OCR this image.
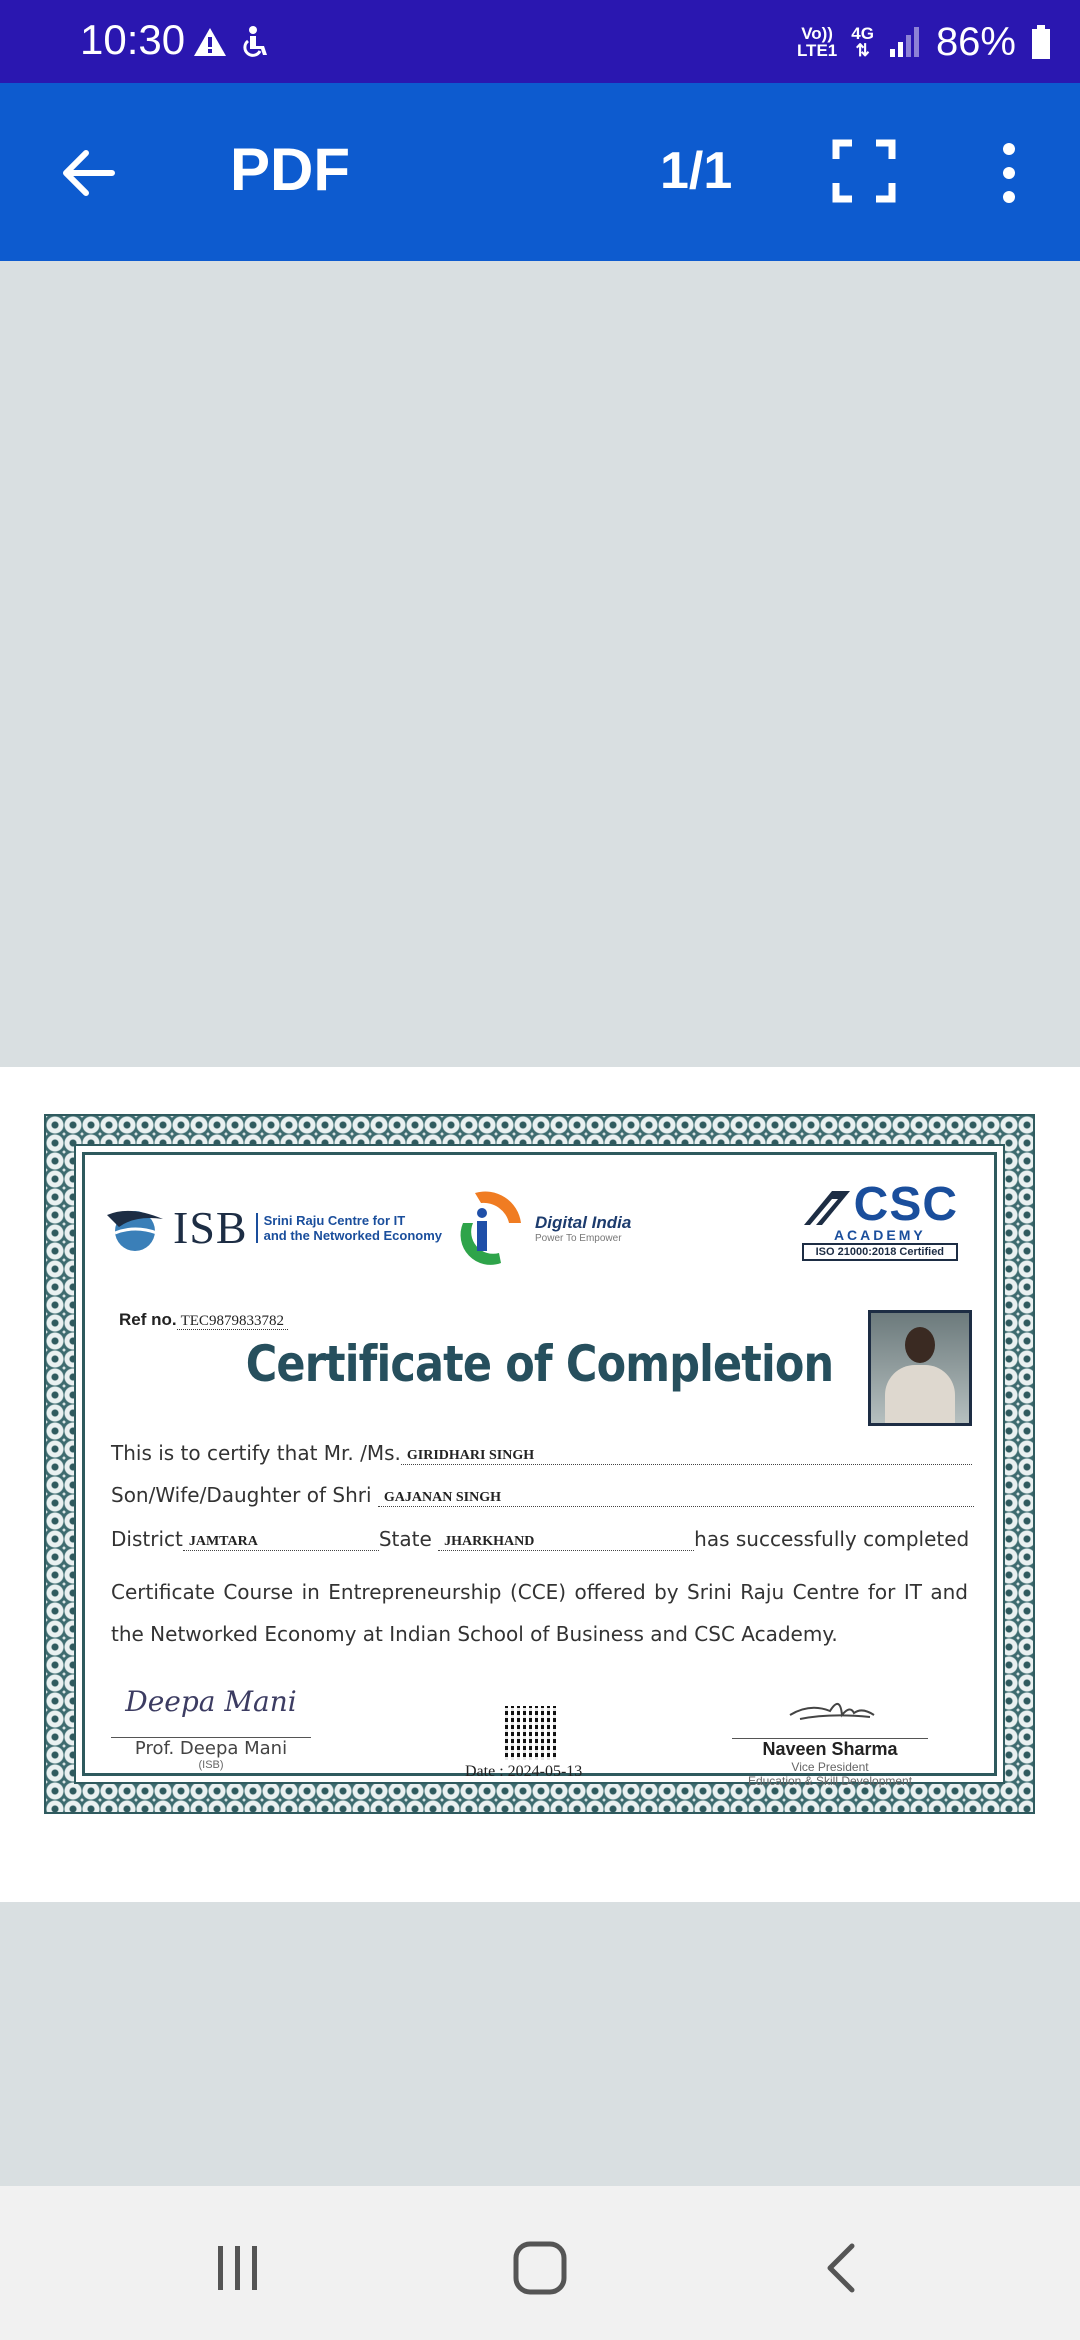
10:30	Vo))
LTE1
4G
⇅ 86%
PDF	1/1
ISB Srini Raju Centre for IT
and the Networked Economy
Digital India
Power To Empower
CSC
ACADEMY
ISO 21000:2018 Certified
Ref no. TEC9879833782
Certificate of Completion
This is to certify that Mr. /Ms. GIRIDHARI SINGH
Son/Wife/Daughter of Shri GAJANAN SINGH
District JAMTARA	State JHARKHAND	has successfully completed
Certificate Course in Entrepreneurship (CCE) offered by Srini Raju Centre for IT and the Networked Economy at Indian School of Business and CSC Academy.
Deepa Mani
Prof. Deepa Mani
(ISB)	Date : 2024-05-13
Naveen Sharma
Vice President
Education & Skill Development
